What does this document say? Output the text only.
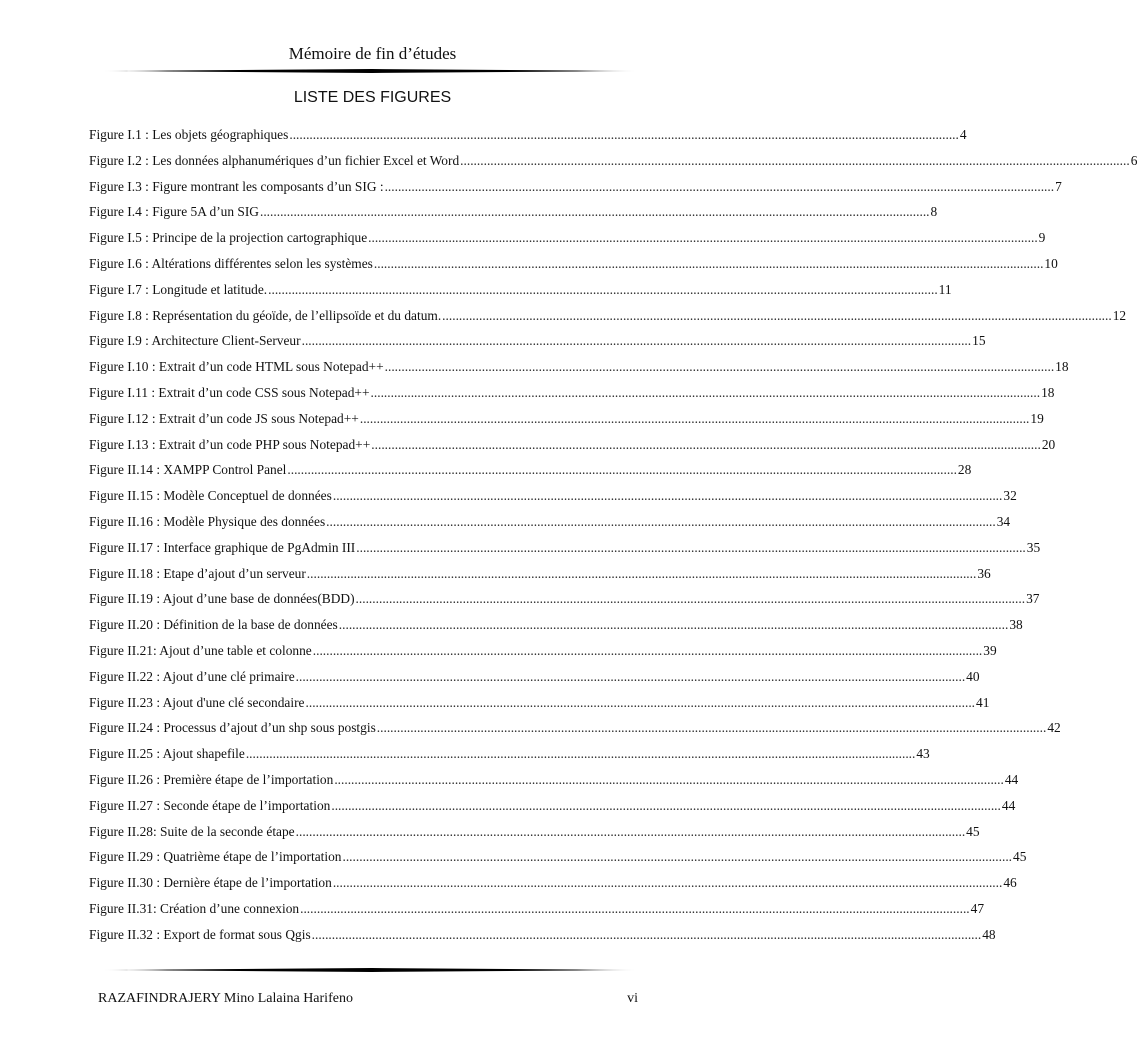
Mémoire de fin d’études
LISTE DES FIGURES
Figure I.1 : Les objets géographiques ........................................................................................................................................................................................................ 4
Figure I.2 : Les données alphanumériques d’un fichier Excel et Word ........................................................................................................................................................................................................ 6
Figure I.3 : Figure montrant les composants d’un SIG : ........................................................................................................................................................................................................ 7
Figure I.4 : Figure 5A d’un SIG ........................................................................................................................................................................................................ 8
Figure I.5 : Principe de la projection cartographique ........................................................................................................................................................................................................ 9
Figure I.6 : Altérations différentes selon les systèmes ........................................................................................................................................................................................................ 10
Figure I.7 : Longitude et latitude. ........................................................................................................................................................................................................ 11
Figure I.8 : Représentation du géoïde, de l’ellipsoïde et du datum. ........................................................................................................................................................................................................ 12
Figure I.9 : Architecture Client-Serveur ........................................................................................................................................................................................................ 15
Figure I.10 : Extrait d’un code HTML sous Notepad++ ........................................................................................................................................................................................................ 18
Figure I.11 : Extrait d’un code CSS sous Notepad++ ........................................................................................................................................................................................................ 18
Figure I.12 : Extrait d’un code JS sous Notepad++ ........................................................................................................................................................................................................ 19
Figure I.13 : Extrait d’un code PHP sous Notepad++ ........................................................................................................................................................................................................ 20
Figure II.14 : XAMPP Control Panel ........................................................................................................................................................................................................ 28
Figure II.15 : Modèle Conceptuel de données ........................................................................................................................................................................................................ 32
Figure II.16 : Modèle Physique des données ........................................................................................................................................................................................................ 34
Figure II.17 : Interface graphique de PgAdmin III ........................................................................................................................................................................................................ 35
Figure II.18 : Etape d’ajout d’un serveur ........................................................................................................................................................................................................ 36
Figure II.19 : Ajout d’une base de données(BDD) ........................................................................................................................................................................................................ 37
Figure II.20 : Définition de la base de données ........................................................................................................................................................................................................ 38
Figure II.21: Ajout d’une table et colonne ........................................................................................................................................................................................................ 39
Figure II.22 : Ajout d’une clé primaire ........................................................................................................................................................................................................ 40
Figure II.23 : Ajout d'une clé secondaire ........................................................................................................................................................................................................ 41
Figure II.24 : Processus d’ajout d’un shp sous postgis ........................................................................................................................................................................................................ 42
Figure II.25 : Ajout shapefile ........................................................................................................................................................................................................ 43
Figure II.26 : Première étape de l’importation ........................................................................................................................................................................................................ 44
Figure II.27 : Seconde étape de l’importation ........................................................................................................................................................................................................ 44
Figure II.28: Suite de la seconde étape ........................................................................................................................................................................................................ 45
Figure II.29 : Quatrième étape de l’importation ........................................................................................................................................................................................................ 45
Figure II.30 : Dernière étape de l’importation ........................................................................................................................................................................................................ 46
Figure II.31: Création d’une connexion ........................................................................................................................................................................................................ 47
Figure II.32 : Export de format sous Qgis ........................................................................................................................................................................................................ 48
RAZAFINDRAJERY Mino Lalaina Harifeno	vi
